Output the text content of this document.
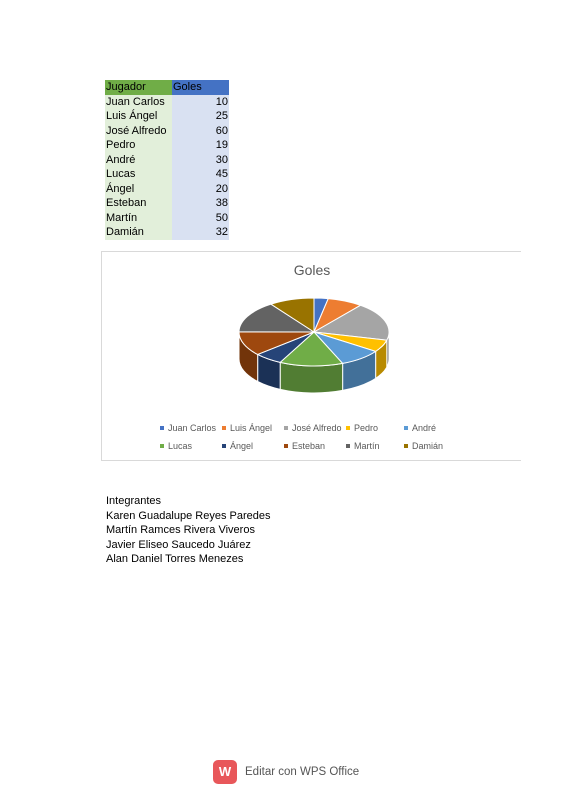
Jugador	Goles
Juan Carlos	10
Luis Ángel	25
José Alfredo	60
Pedro	19
André	30
Lucas	45
Ángel	20
Esteban	38
Martín	50
Damián	32
Goles
Juan Carlos Luis Ángel José Alfredo Pedro	André
Lucas	Ángel	Esteban	Martín	Damián
Integrantes
Karen Guadalupe Reyes Paredes
Martín Ramces Rivera Viveros
Javier Eliseo Saucedo Juárez
Alan Daniel Torres Menezes
W	Editar con WPS Office
